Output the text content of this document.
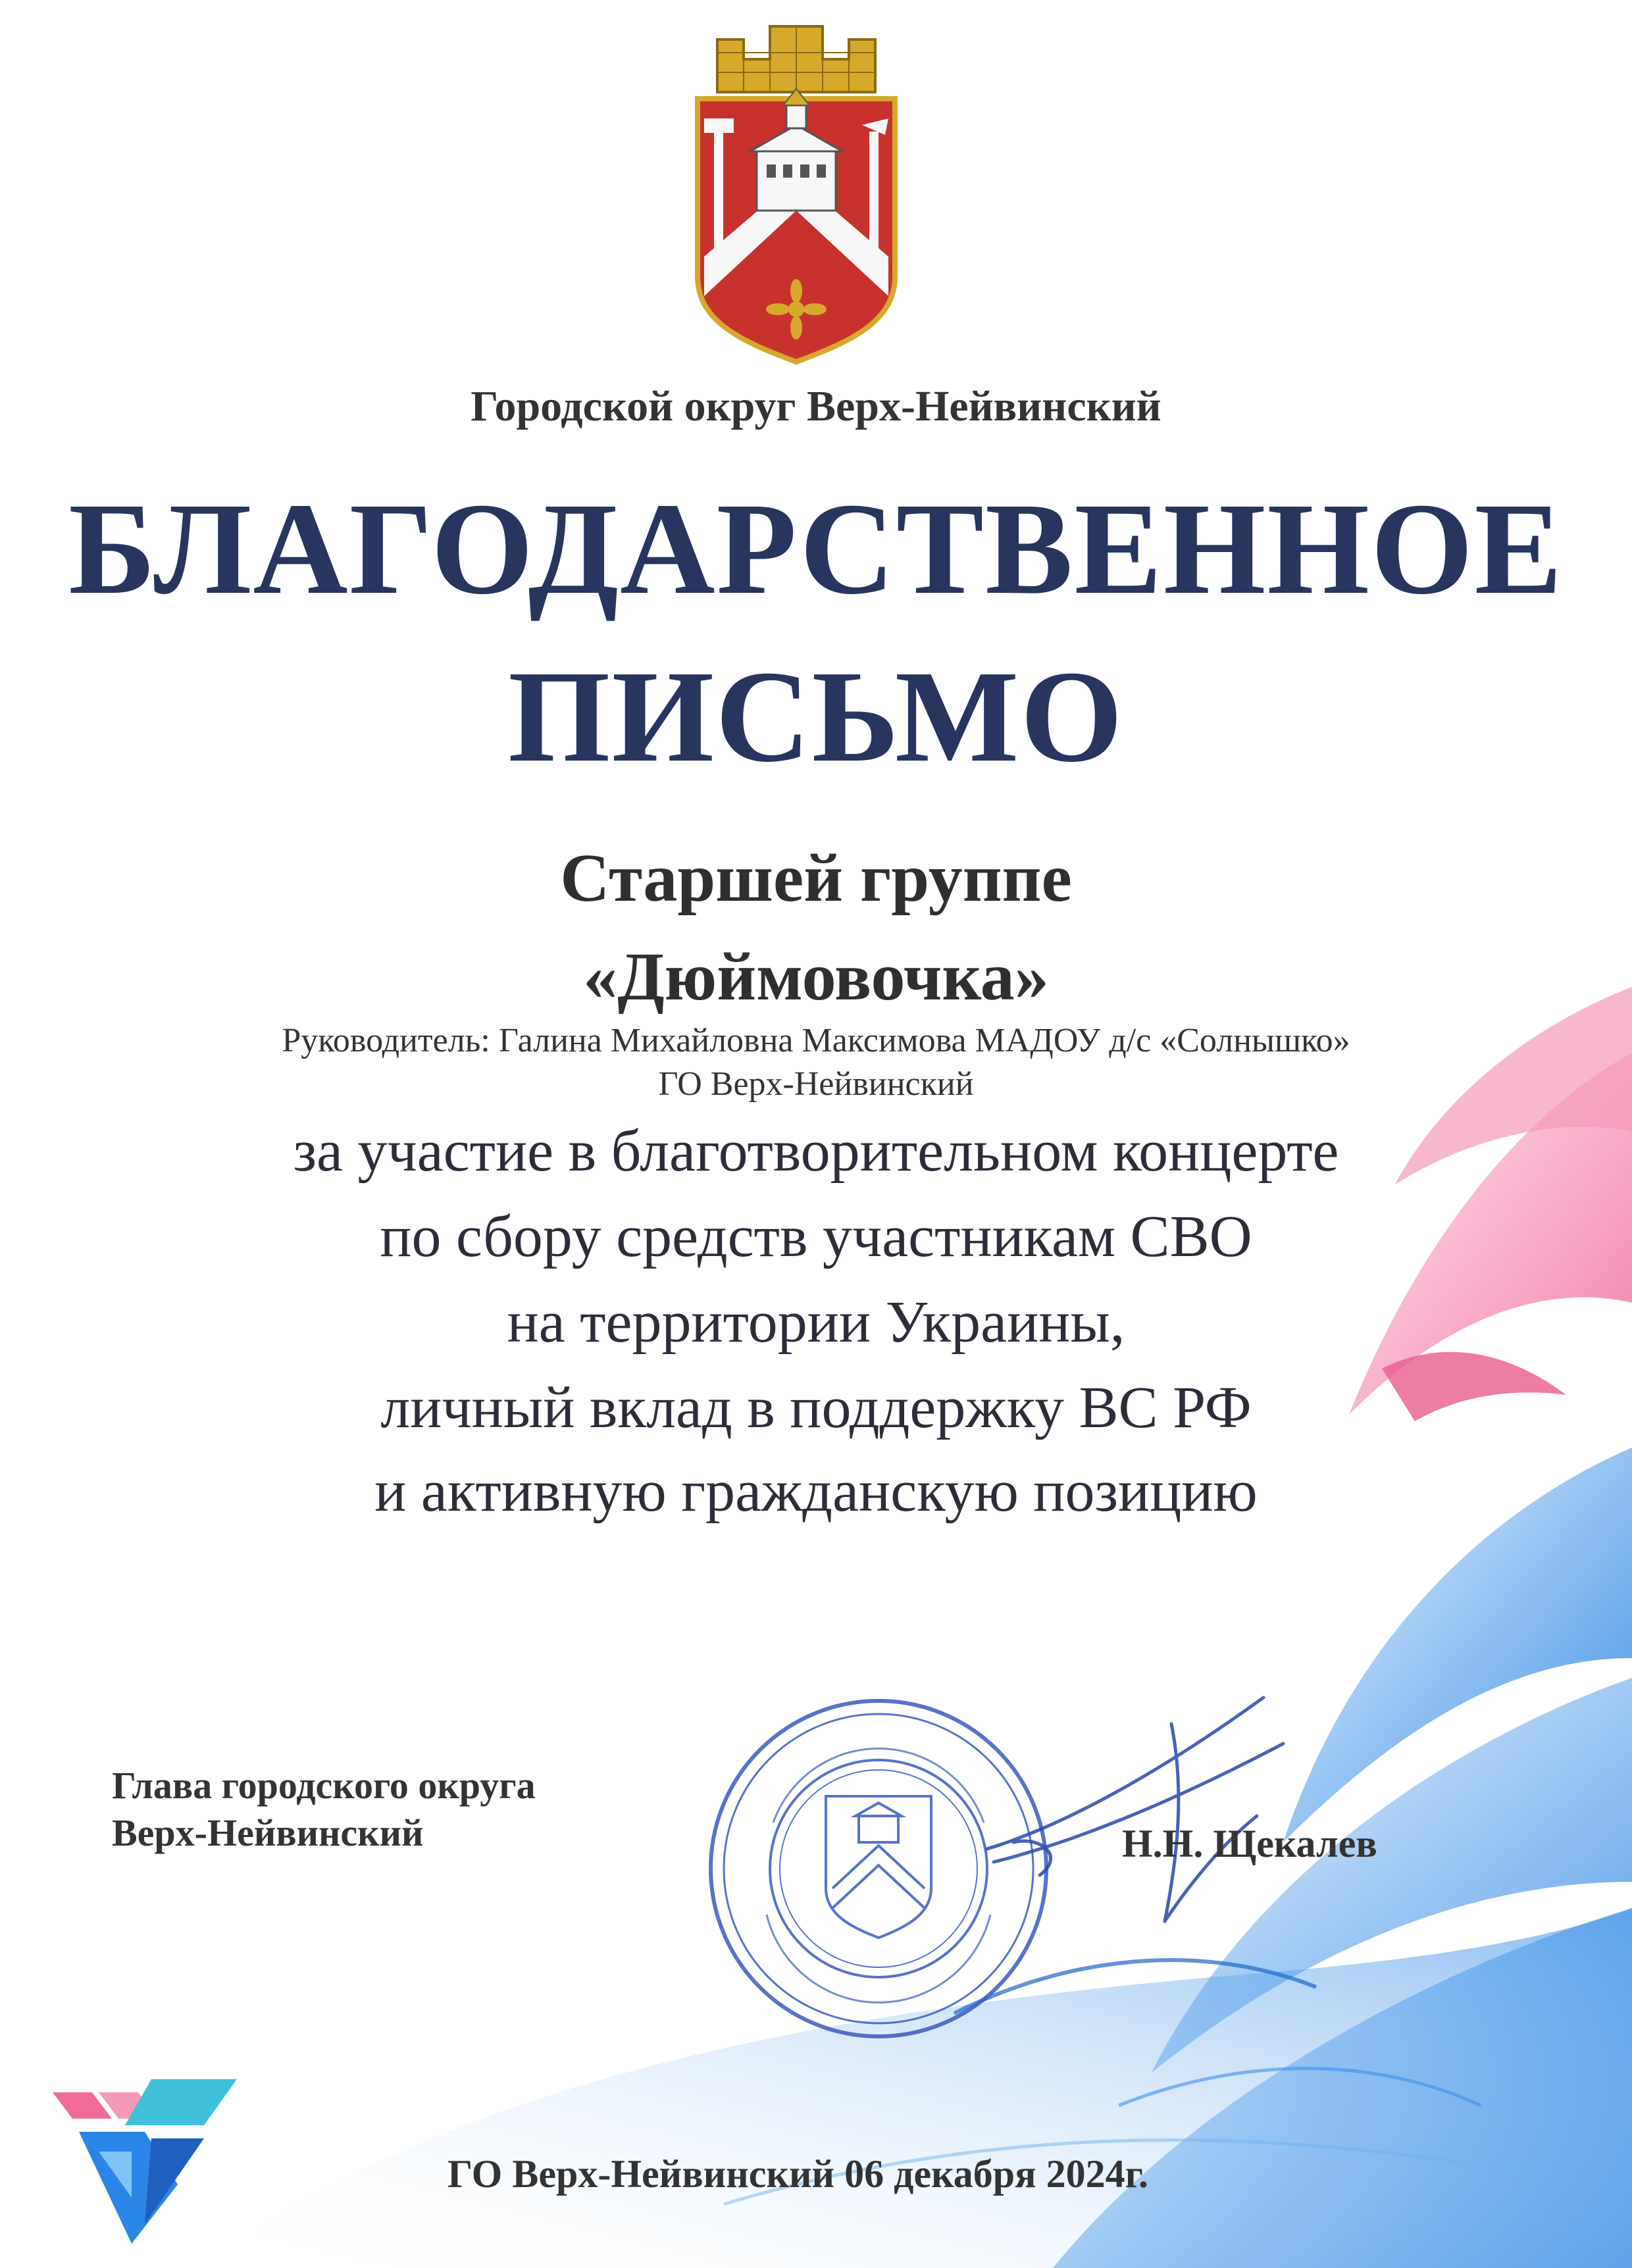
Городской округ Верх-Нейвинский
БЛАГОДАРСТВЕННОЕ
ПИСЬМО
Старшей группе
«Дюймовочка»
Руководитель: Галина Михайловна Максимова МАДОУ д/с «Солнышко»
ГО Верх-Нейвинский
за участие в благотворительном концерте
по сбору средств участникам СВО
на территории Украины,
личный вклад в поддержку ВС РФ
и активную гражданскую позицию
Глава городского округа
Верх-Нейвинский	Н.Н. Щекалев
ГО Верх-Нейвинский 06 декабря 2024г.
